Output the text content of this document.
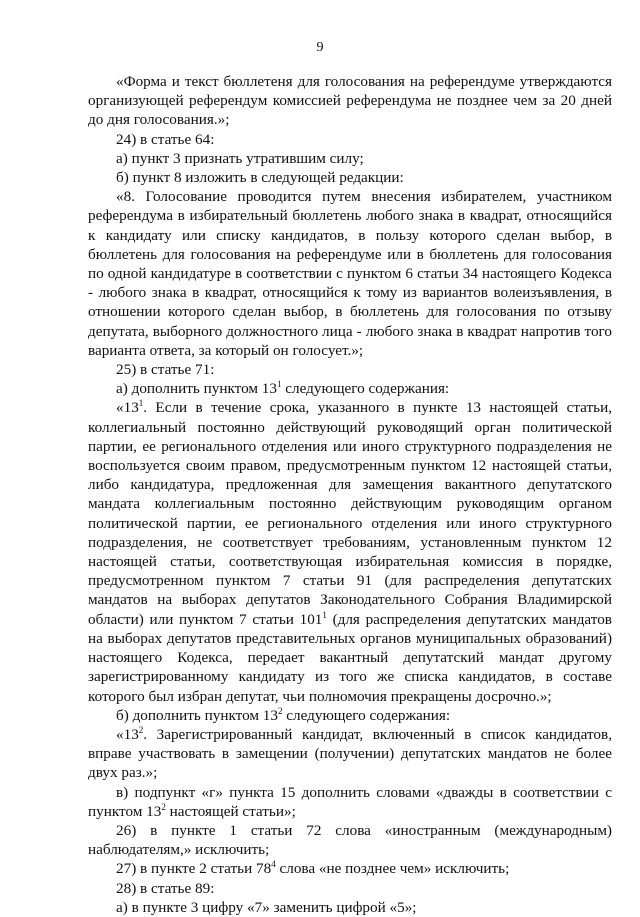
9

«Форма и текст бюллетеня для голосования на референдуме утверждаются организующей референдум комиссией референдума не позднее чем за 20 дней до дня голосования.»;

24) в статье 64:

а) пункт 3 признать утратившим силу;

б) пункт 8 изложить в следующей редакции:

«8. Голосование проводится путем внесения избирателем, участником референдума в избирательный бюллетень любого знака в квадрат, относящийся к кандидату или списку кандидатов, в пользу которого сделан выбор, в бюллетень для голосования на референдуме или в бюллетень для голосования по одной кандидатуре в соответствии с пунктом 6 статьи 34 настоящего Кодекса - любого знака в квадрат, относящийся к тому из вариантов волеизъявления, в отношении которого сделан выбор, в бюллетень для голосования по отзыву депутата, выборного должностного лица - любого знака в квадрат напротив того варианта ответа, за который он голосует.»;

25) в статье 71:

а) дополнить пунктом $13^1$ следующего содержания:

«$13^1$. Если в течение срока, указанного в пункте 13 настоящей статьи, коллегиальный постоянно действующий руководящий орган политической партии, ее регионального отделения или иного структурного подразделения не воспользуется своим правом, предусмотренным пунктом 12 настоящей статьи, либо кандидатура, предложенная для замещения вакантного депутатского мандата коллегиальным постоянно действующим руководящим органом политической партии, ее регионального отделения или иного структурного подразделения, не соответствует требованиям, установленным пунктом 12 настоящей статьи, соответствующая избирательная комиссия в порядке, предусмотренном пунктом 7 статьи 91 (для распределения депутатских мандатов на выборах депутатов Законодательного Собрания Владимирской области) или пунктом 7 статьи $101^1$ (для распределения депутатских мандатов на выборах депутатов представительных органов муниципальных образований) настоящего Кодекса, передает вакантный депутатский мандат другому зарегистрированному кандидату из того же списка кандидатов, в составе которого был избран депутат, чьи полномочия прекращены досрочно.»;

б) дополнить пунктом $13^2$ следующего содержания:

«$13^2$. Зарегистрированный кандидат, включенный в список кандидатов, вправе участвовать в замещении (получении) депутатских мандатов не более двух раз.»;

в) подпункт «г» пункта 15 дополнить словами «дважды в соответствии с пунктом $13^2$ настоящей статьи»;

26) в пункте 1 статьи 72 слова «иностранным (международным) наблюдателям,» исключить;

27) в пункте 2 статьи $78^4$ слова «не позднее чем» исключить;

28) в статье 89:

а) в пункте 3 цифру «7» заменить цифрой «5»;
